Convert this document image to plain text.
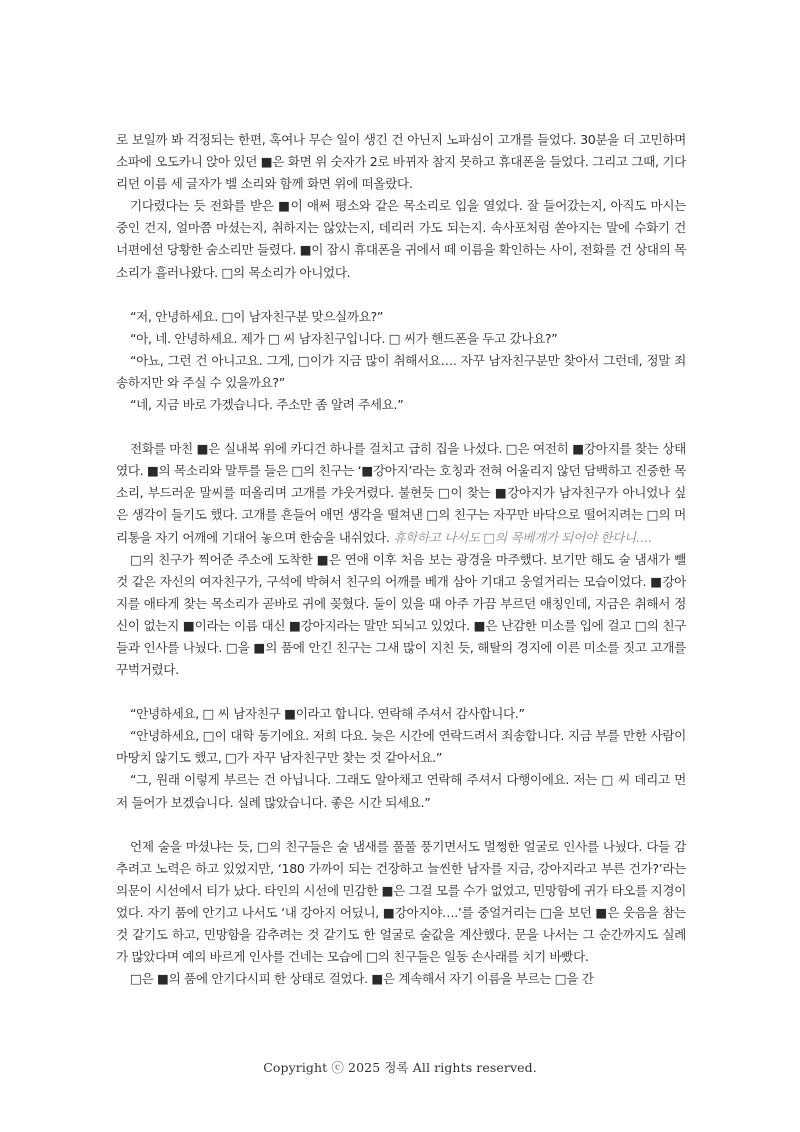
로 보일까 봐 걱정되는 한편, 혹여나 무슨 일이 생긴 건 아닌지 노파심이 고개를 들었다. 30분을 더 고민하며 소파에 오도카니 앉아 있던 ■은 화면 위 숫자가 2로 바뀌자 참지 못하고 휴대폰을 들었다. 그리고 그때, 기다리던 이름 세 글자가 벨 소리와 함께 화면 위에 떠올랐다.

기다렸다는 듯 전화를 받은 ■이 애써 평소와 같은 목소리로 입을 열었다. 잘 들어갔는지, 아직도 마시는 중인 건지, 얼마쯤 마셨는지, 취하지는 않았는지, 데리러 가도 되는지. 속사포처럼 쏟아지는 말에 수화기 건너편에선 당황한 숨소리만 들렸다. ■이 잠시 휴대폰을 귀에서 떼 이름을 확인하는 사이, 전화를 건 상대의 목소리가 흘러나왔다. □의 목소리가 아니었다.

“저, 안녕하세요. □이 남자친구분 맞으실까요?”

“아, 네. 안녕하세요. 제가 □ 씨 남자친구입니다. □ 씨가 핸드폰을 두고 갔나요?”

“아뇨, 그런 건 아니고요. 그게, □이가 지금 많이 취해서요…. 자꾸 남자친구분만 찾아서 그런데, 정말 죄송하지만 와 주실 수 있을까요?”

“네, 지금 바로 가겠습니다. 주소만 좀 알려 주세요.”

전화를 마친 ■은 실내복 위에 카디건 하나를 걸치고 급히 집을 나섰다. □은 여전히 ■강아지를 찾는 상태였다. ■의 목소리와 말투를 들은 □의 친구는 ‘■강아지’라는 호칭과 전혀 어울리지 않던 담백하고 진중한 목소리, 부드러운 말씨를 떠올리며 고개를 갸웃거렸다. 불현듯 □이 찾는 ■강아지가 남자친구가 아니었나 싶은 생각이 들기도 했다. 고개를 흔들어 애먼 생각을 떨쳐낸 □의 친구는 자꾸만 바닥으로 떨어지려는 □의 머리통을 자기 어깨에 기대어 놓으며 한숨을 내쉬었다. 휴학하고 나서도 □의 목베개가 되어야 한다니….

□의 친구가 찍어준 주소에 도착한 ■은 연애 이후 처음 보는 광경을 마주했다. 보기만 해도 술 냄새가 뺄 것 같은 자신의 여자친구가, 구석에 박혀서 친구의 어깨를 베개 삼아 기대고 웅얼거리는 모습이었다. ■강아지를 애타게 찾는 목소리가 곧바로 귀에 꽂혔다. 둘이 있을 때 아주 가끔 부르던 애칭인데, 지금은 취해서 정신이 없는지 ■이라는 이름 대신 ■강아지라는 말만 되뇌고 있었다. ■은 난감한 미소를 입에 걸고 □의 친구들과 인사를 나눴다. □을 ■의 품에 안긴 친구는 그새 많이 지친 듯, 해탈의 경지에 이른 미소를 짓고 고개를 꾸벅거렸다.

“안녕하세요, □ 씨 남자친구 ■이라고 합니다. 연락해 주셔서 감사합니다.”

“안녕하세요, □이 대학 동기에요. 저희 다요. 늦은 시간에 연락드려서 죄송합니다. 지금 부를 만한 사람이 마땅치 않기도 했고, □가 자꾸 남자친구만 찾는 것 같아서요.”

“그, 원래 이렇게 부르는 건 아닙니다. 그래도 알아채고 연락해 주셔서 다행이에요. 저는 □ 씨 데리고 먼저 들어가 보겠습니다. 실례 많았습니다. 좋은 시간 되세요.”

언제 술을 마셨냐는 듯, □의 친구들은 술 냄새를 풀풀 풍기면서도 멀쩡한 얼굴로 인사를 나눴다. 다들 감추려고 노력은 하고 있었지만, ‘180 가까이 되는 건장하고 늘씬한 남자를 지금, 강아지라고 부른 건가?’라는 의문이 시선에서 티가 났다. 타인의 시선에 민감한 ■은 그걸 모를 수가 없었고, 민망함에 귀가 타오를 지경이었다. 자기 품에 안기고 나서도 ‘내 강아지 어딨니, ■강아지야….’를 중얼거리는 □을 보던 ■은 웃음을 참는 것 같기도 하고, 민망함을 감추려는 것 같기도 한 얼굴로 술값을 계산했다. 문을 나서는 그 순간까지도 실례가 많았다며 예의 바르게 인사를 건네는 모습에 □의 친구들은 일동 손사래를 치기 바빴다.

□은 ■의 품에 안기다시피 한 상태로 걸었다. ■은 계속해서 자기 이름을 부르는 □을 간

Copyright ⓒ 2025 정록 All rights reserved.
